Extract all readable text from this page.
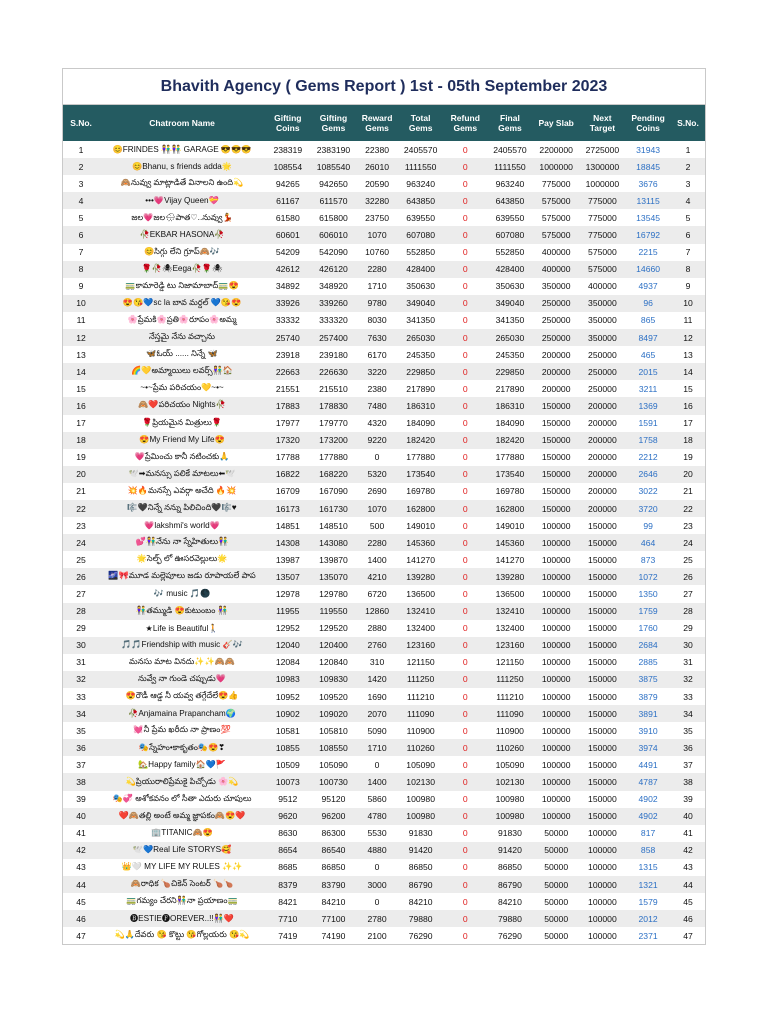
Bhavith Agency ( Gems Report ) 1st - 05th September 2023
S.No.	Chatroom Name	Gifting Coins	Gifting Gems	Reward Gems	Total Gems	Refund Gems	Final Gems	Pay Slab	Next Target	Pending Coins	S.No.
1	😊FRINDES 👫👫 GARAGE 😎😎😎	238319	2383190	22380	2405570	0	2405570	2200000	2725000	31943	1
2	😊Bhanu, s friends adda🌟	108554	1085540	26010	1111550	0	1111550	1000000	1300000	18845	2
3	🙈నువ్వు మాట్లాడితే వినాలని ఉంది💫	94265	942650	20590	963240	0	963240	775000	1000000	3676	3
4	•••💗Vijay Queen💝	61167	611570	32280	643850	0	643850	575000	775000	13115	4
5	జల💗జల🌧పాత♡..నువ్వు💃	61580	615800	23750	639550	0	639550	575000	775000	13545	5
6	🥀EKBAR HASONA🥀	60601	606010	1070	607080	0	607080	575000	775000	16792	6
7	😊సిగ్గు లేని గ్రూప్🙈🎶	54209	542090	10760	552850	0	552850	400000	575000	2215	7
8	🌹🥀🕷Eega🥀🌹🕷	42612	426120	2280	428400	0	428400	400000	575000	14660	8
9	🚃కామారెడ్డి టు నిజామాబాద్🚃😍	34892	348920	1710	350630	0	350630	350000	400000	4937	9
10	😍😘💙sc la బావ మర్దల్ 💙😘😍	33926	339260	9780	349040	0	349040	250000	350000	96	10
11	🌸ప్రేమకి🌸ప్రతి🌸రూపం🌸అమ్మ	33332	333320	8030	341350	0	341350	250000	350000	865	11
12	నేస్తమై నేను వచ్చాను	25740	257400	7630	265030	0	265030	250000	350000	8497	12
13	🦋ఓయ్ ...... నిన్నే 🦋	23918	239180	6170	245350	0	245350	200000	250000	465	13
14	🌈💛అమ్మాయిలు లవర్స్👫🏠	22663	226630	3220	229850	0	229850	200000	250000	2015	14
15	~•~ప్రేమ పరిచయం💛~•~	21551	215510	2380	217890	0	217890	200000	250000	3211	15
16	🙈❤️పరిచయం Nights🥀	17883	178830	7480	186310	0	186310	150000	200000	1369	16
17	🌹ప్రియమైన మిత్రులు🌹	17977	179770	4320	184090	0	184090	150000	200000	1591	17
18	😍My Friend My Life😍	17320	173200	9220	182420	0	182420	150000	200000	1758	18
19	💗ప్రేమించు కానీ నటించకు🙏	17788	177880	0	177880	0	177880	150000	200000	2212	19
20	🕊️➡మనస్సు పలికే మాటలు⬅🕊️	16822	168220	5320	173540	0	173540	150000	200000	2646	20
21	💥🔥మనస్సే ఎవర్గా అచేది 🔥💥	16709	167090	2690	169780	0	169780	150000	200000	3022	21
22	🎼🖤నిన్నే నన్ను పిలిచింది🖤🎼♥	16173	161730	1070	162800	0	162800	150000	200000	3720	22
23	💗lakshmi's world💗	14851	148510	500	149010	0	149010	100000	150000	99	23
24	💕👫నేను నా స్నేహితులు👫	14308	143080	2280	145360	0	145360	100000	150000	464	24
25	🌟సెల్ఫ్ లో ఊసరవెల్లులు🌟	13987	139870	1400	141270	0	141270	100000	150000	873	25
26	🌌🎀మూడ మల్లెపూలు జడు రూపాయలే పాప	13507	135070	4210	139280	0	139280	100000	150000	1072	26
27	🎶 music 🎵🌑	12978	129780	6720	136500	0	136500	100000	150000	1350	27
28	👫తమ్ముడి 😍కుటుంబం 👫	11955	119550	12860	132410	0	132410	100000	150000	1759	28
29	★Life is Beautiful🚶	12952	129520	2880	132400	0	132400	100000	150000	1760	29
30	🎵🎵Friendship with music 🎸🎶	12040	120400	2760	123160	0	123160	100000	150000	2684	30
31	మనసు మాట వినదు✨✨🙈🙈	12084	120840	310	121150	0	121150	100000	150000	2885	31
32	నువ్వే నా గుండె చప్పుడు💗	10983	109830	1420	111250	0	111250	100000	150000	3875	32
33	😍రౌడీ ఆడ్డ నీ యవ్వ తగ్గేదేలే😍👍	10952	109520	1690	111210	0	111210	100000	150000	3879	33
34	🥀Anjamaina Prapancham🌍	10902	109020	2070	111090	0	111090	100000	150000	3891	34
35	💓నీ ప్రేమ ఖరీదు నా ప్రాణం💯	10581	105810	5090	110900	0	110900	100000	150000	3910	35
36	🎭స్నేహం•కాకృతం🎭😍❣	10855	108550	1710	110260	0	110260	100000	150000	3974	36
37	🏡Happy family🏠💙🚩	10509	105090	0	105090	0	105090	100000	150000	4491	37
38	💫ప్రియురాలిప్రేమకై పిచ్చోడు 🌸💫	10073	100730	1400	102130	0	102130	100000	150000	4787	38
39	🎭💞 అశోకవనం లో సీతా ఎదురు చూపులు	9512	95120	5860	100980	0	100980	100000	150000	4902	39
40	❤️🙈తల్లి అంటే అమ్మ జ్ఞాపకం🙈😍❤️	9620	96200	4780	100980	0	100980	100000	150000	4902	40
41	🏢TITANIC🙈😍	8630	86300	5530	91830	0	91830	50000	100000	817	41
42	🕊️💙Real Life STORYS🥰	8654	86540	4880	91420	0	91420	50000	100000	858	42
43	👑🤍 MY LIFE MY RULES ✨✨	8685	86850	0	86850	0	86850	50000	100000	1315	43
44	🙈రాధిక 🍗చికెన్ సెంటర్ 🍗🍗	8379	83790	3000	86790	0	86790	50000	100000	1321	44
45	🚃గమ్యం చేరని👫నా ప్రయాణం🚃	8421	84210	0	84210	0	84210	50000	100000	1579	45
46	🅑ESTIE🅕OREVER..!!👫❤️	7710	77100	2780	79880	0	79880	50000	100000	2012	46
47	💫🙏దేవరు 😘 కొట్టు 😘గోల్లయరు 😘💫	7419	74190	2100	76290	0	76290	50000	100000	2371	47
